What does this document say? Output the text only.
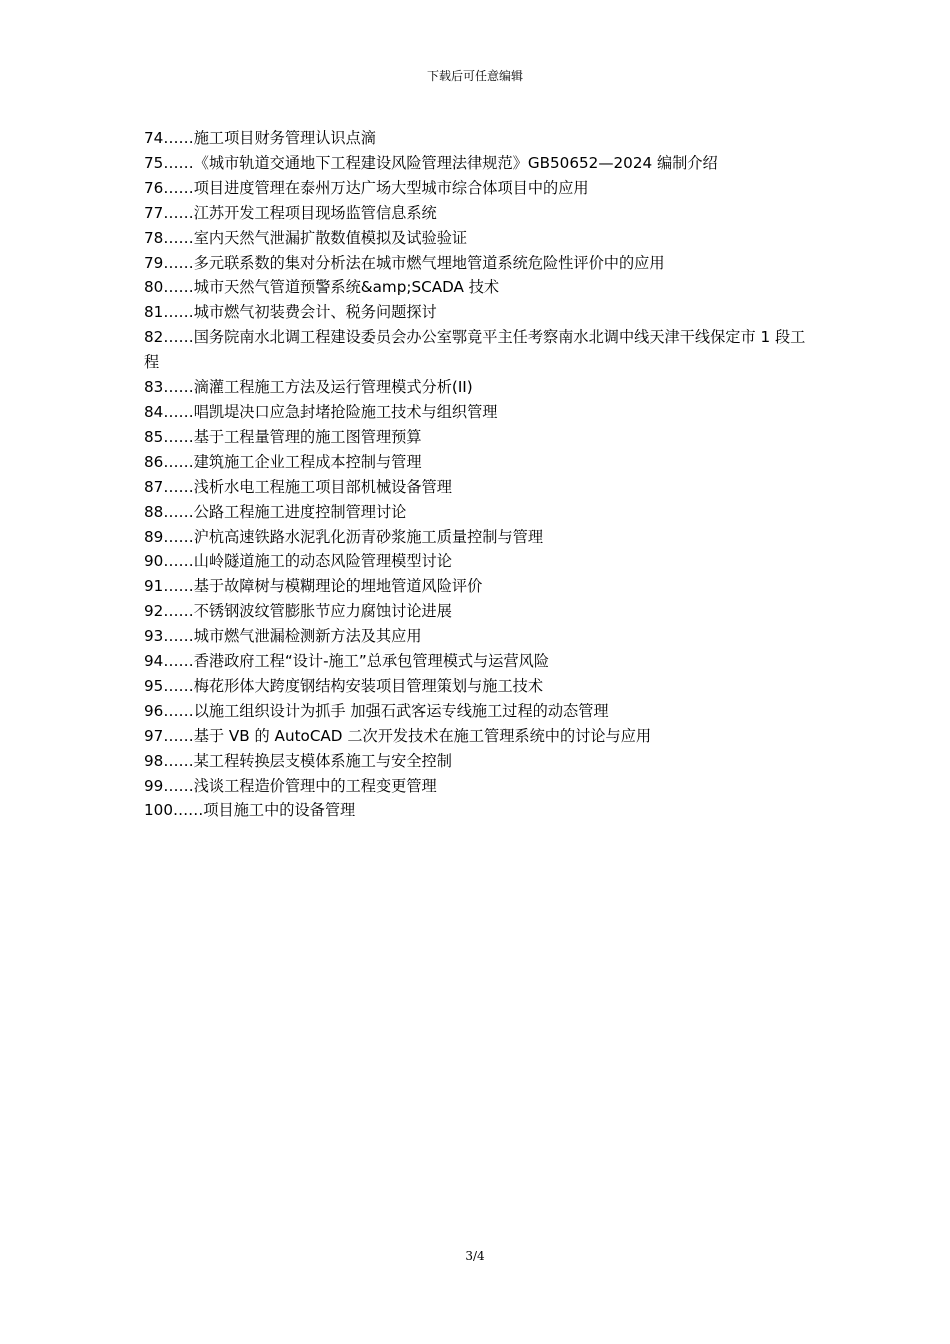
下载后可任意编辑
74……施工项目财务管理认识点滴
75……《城市轨道交通地下工程建设风险管理法律规范》GB50652—2024 编制介绍
76……项目进度管理在泰州万达广场大型城市综合体项目中的应用
77……江苏开发工程项目现场监管信息系统
78……室内天然气泄漏扩散数值模拟及试验验证
79……多元联系数的集对分析法在城市燃气埋地管道系统危险性评价中的应用
80……城市天然气管道预警系统&amp;SCADA 技术
81……城市燃气初装费会计、税务问题探讨
82……国务院南水北调工程建设委员会办公室鄂竟平主任考察南水北调中线天津干线保定市 1 段工程
83……滴灌工程施工方法及运行管理模式分析(II)
84……唱凯堤决口应急封堵抢险施工技术与组织管理
85……基于工程量管理的施工图管理预算
86……建筑施工企业工程成本控制与管理
87……浅析水电工程施工项目部机械设备管理
88……公路工程施工进度控制管理讨论
89……沪杭高速铁路水泥乳化沥青砂浆施工质量控制与管理
90……山岭隧道施工的动态风险管理模型讨论
91……基于故障树与模糊理论的埋地管道风险评价
92……不锈钢波纹管膨胀节应力腐蚀讨论进展
93……城市燃气泄漏检测新方法及其应用
94……香港政府工程“设计-施工”总承包管理模式与运营风险
95……梅花形体大跨度钢结构安装项目管理策划与施工技术
96……以施工组织设计为抓手 加强石武客运专线施工过程的动态管理
97……基于 VB 的 AutoCAD 二次开发技术在施工管理系统中的讨论与应用
98……某工程转换层支模体系施工与安全控制
99……浅谈工程造价管理中的工程变更管理
100……项目施工中的设备管理
3/4
